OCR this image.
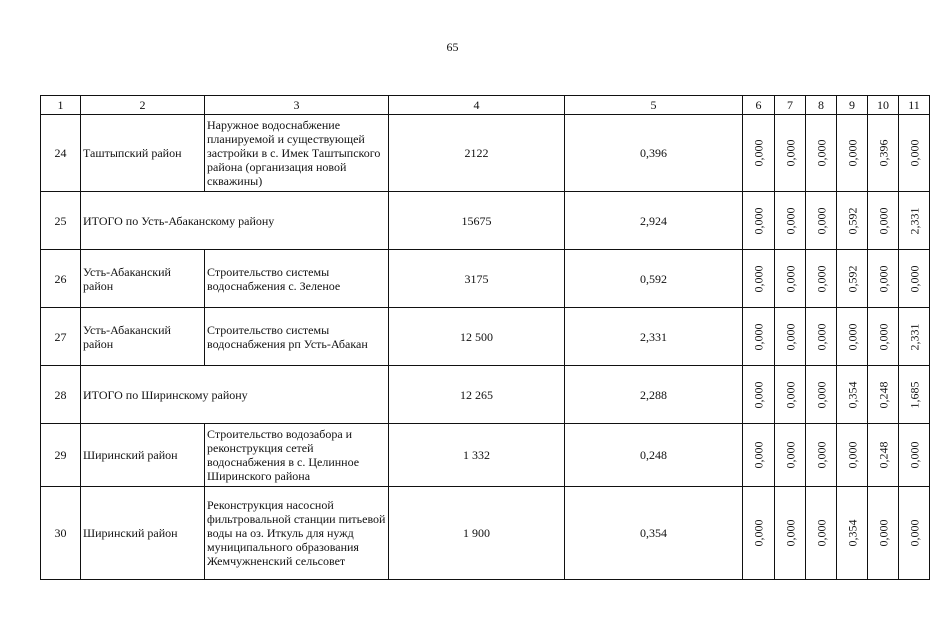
65
1	2	3	4	5	6	7	8	9	10	11
24	Таштыпский район	Наружное водоснабжение планируемой и существующей застройки в с. Имек Таштыпского района (организация новой скважины)	2122	0,396	0,000	0,000	0,000	0,000	0,396	0,000
25	ИТОГО по Усть-Абаканскому району		15675	2,924	0,000	0,000	0,000	0,592	0,000	2,331
26	Усть-Абаканский район	Строительство системы водоснабжения с. Зеленое	3175	0,592	0,000	0,000	0,000	0,592	0,000	0,000
27	Усть-Абаканский район	Строительство системы водоснабжения рп Усть-Абакан	12 500	2,331	0,000	0,000	0,000	0,000	0,000	2,331
28	ИТОГО по Ширинскому району		12 265	2,288	0,000	0,000	0,000	0,354	0,248	1,685
29	Ширинский район	Строительство водозабора и реконструкция сетей водоснабжения в с. Целинное Ширинского района	1 332	0,248	0,000	0,000	0,000	0,000	0,248	0,000
30	Ширинский район	Реконструкция насосной фильтровальной станции питьевой воды на оз. Иткуль для нужд муниципального образования Жемчужненский сельсовет	1 900	0,354	0,000	0,000	0,000	0,354	0,000	0,000
